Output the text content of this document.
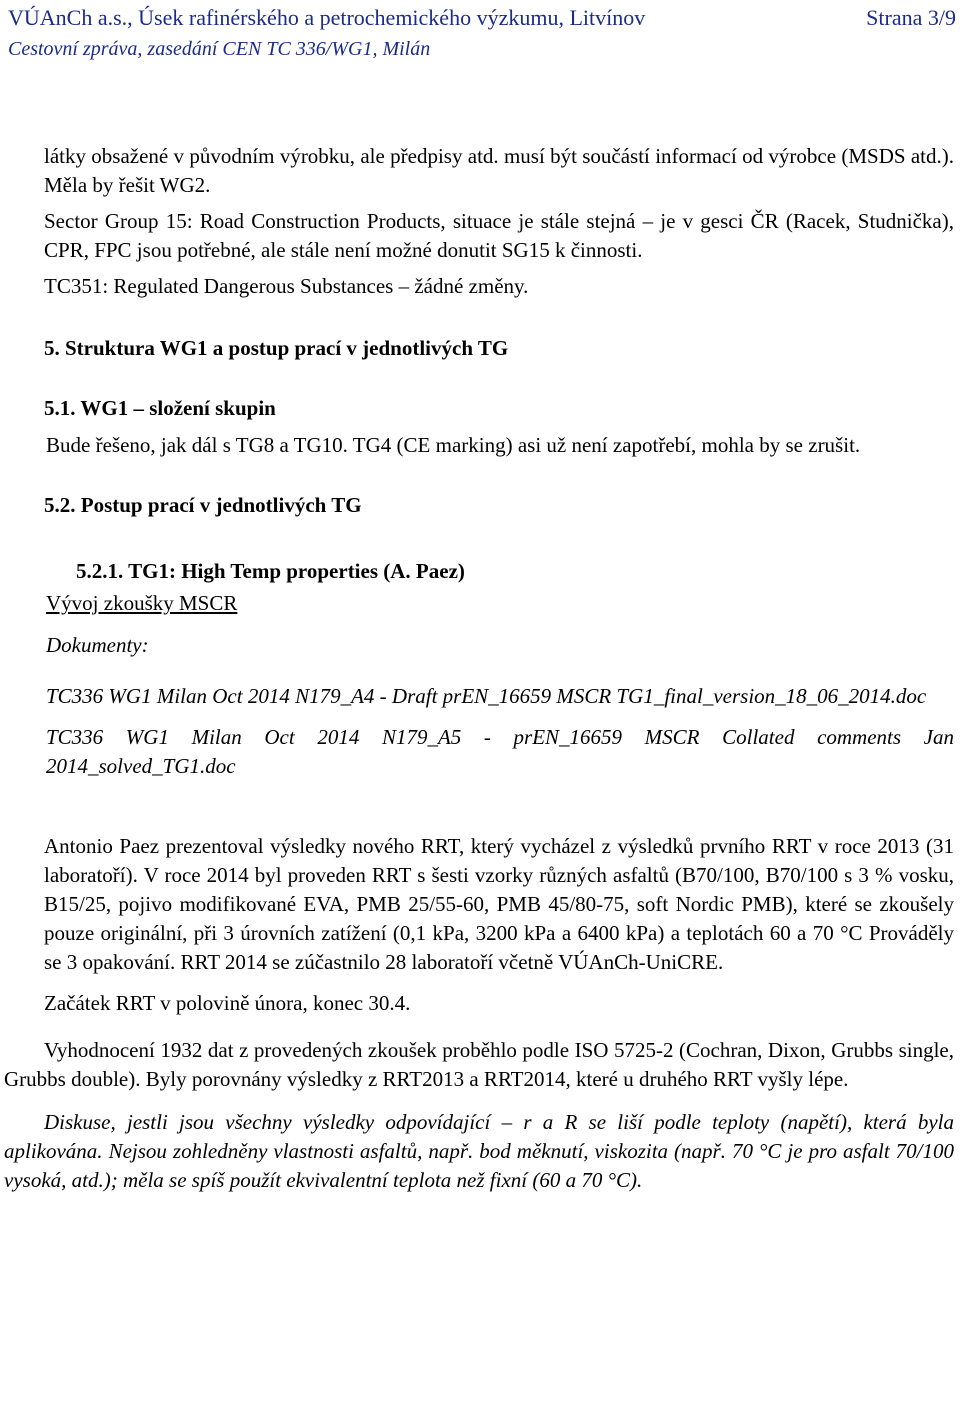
VÚAnCh a.s., Úsek rafinérského a petrochemického výzkumu, Litvínov	Strana 3/9
Cestovní zpráva, zasedání CEN TC 336/WG1, Milán

látky obsažené v původním výrobku, ale předpisy atd. musí být součástí informací od výrobce (MSDS atd.). Měla by řešit WG2.

Sector Group 15: Road Construction Products, situace je stále stejná – je v gesci ČR (Racek, Studnička), CPR, FPC jsou potřebné, ale stále není možné donutit SG15 k činnosti.

TC351: Regulated Dangerous Substances – žádné změny.

5. Struktura WG1 a postup prací v jednotlivých TG

5.1. WG1 – složení skupin

Bude řešeno, jak dál s TG8 a TG10. TG4 (CE marking) asi už není zapotřebí, mohla by se zrušit.

5.2. Postup prací v jednotlivých TG

5.2.1. TG1: High Temp properties (A. Paez)

Vývoj zkoušky MSCR

Dokumenty:

TC336 WG1 Milan Oct 2014 N179_A4 - Draft prEN_16659 MSCR TG1_final_version_18_06_2014.doc

TC336 WG1 Milan Oct 2014 N179_A5 - prEN_16659 MSCR Collated comments Jan 2014_solved_TG1.doc

Antonio Paez prezentoval výsledky nového RRT, který vycházel z výsledků prvního RRT v roce 2013 (31 laboratoří). V roce 2014 byl proveden RRT s šesti vzorky různých asfaltů (B70/100, B70/100 s 3 % vosku, B15/25, pojivo modifikované EVA, PMB 25/55-60, PMB 45/80-75, soft Nordic PMB), které se zkoušely pouze originální, při 3 úrovních zatížení (0,1 kPa, 3200 kPa a 6400 kPa) a teplotách 60 a 70 °C Prováděly se 3 opakování. RRT 2014 se zúčastnilo 28 laboratoří včetně VÚAnCh-UniCRE.

Začátek RRT v polovině února, konec 30.4.

Vyhodnocení 1932 dat z provedených zkoušek proběhlo podle ISO 5725-2 (Cochran, Dixon, Grubbs single, Grubbs double). Byly porovnány výsledky z RRT2013 a RRT2014, které u druhého RRT vyšly lépe.

Diskuse, jestli jsou všechny výsledky odpovídající – r a R se liší podle teploty (napětí), která byla aplikována. Nejsou zohledněny vlastnosti asfaltů, např. bod měknutí, viskozita (např. 70 °C je pro asfalt 70/100 vysoká, atd.); měla se spíš použít ekvivalentní teplota než fixní (60 a 70 °C).
